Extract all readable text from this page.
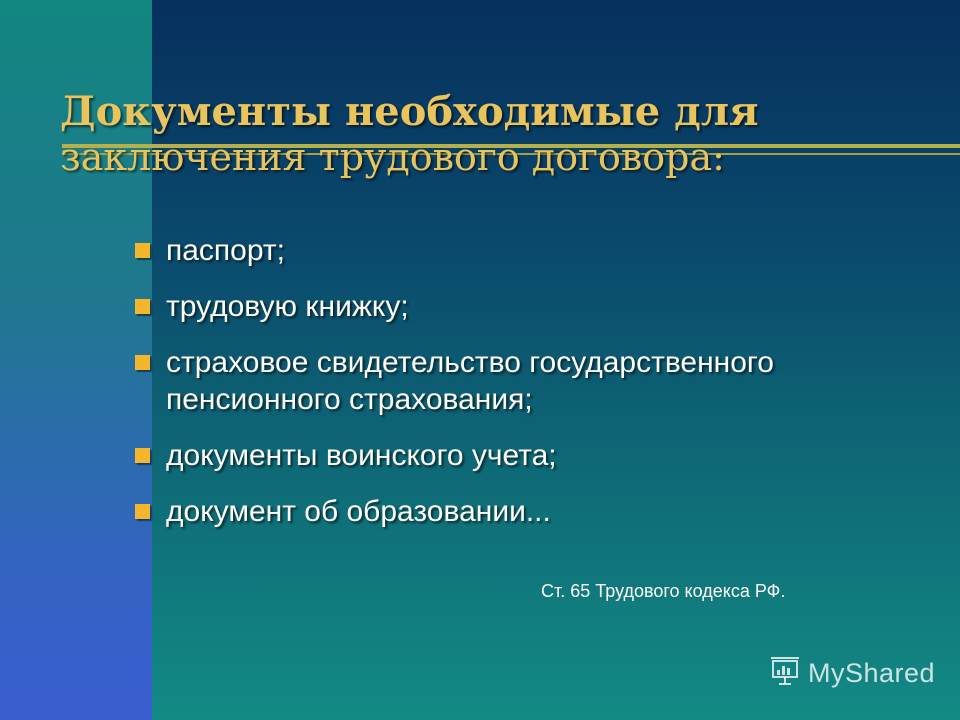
Документы необходимые для
заключения трудового договора:
паспорт;
трудовую книжку;
страховое свидетельство государственного пенсионного страхования;
документы воинского учета;
документ об образовании...
Ст. 65 Трудового кодекса РФ.
MyShared
